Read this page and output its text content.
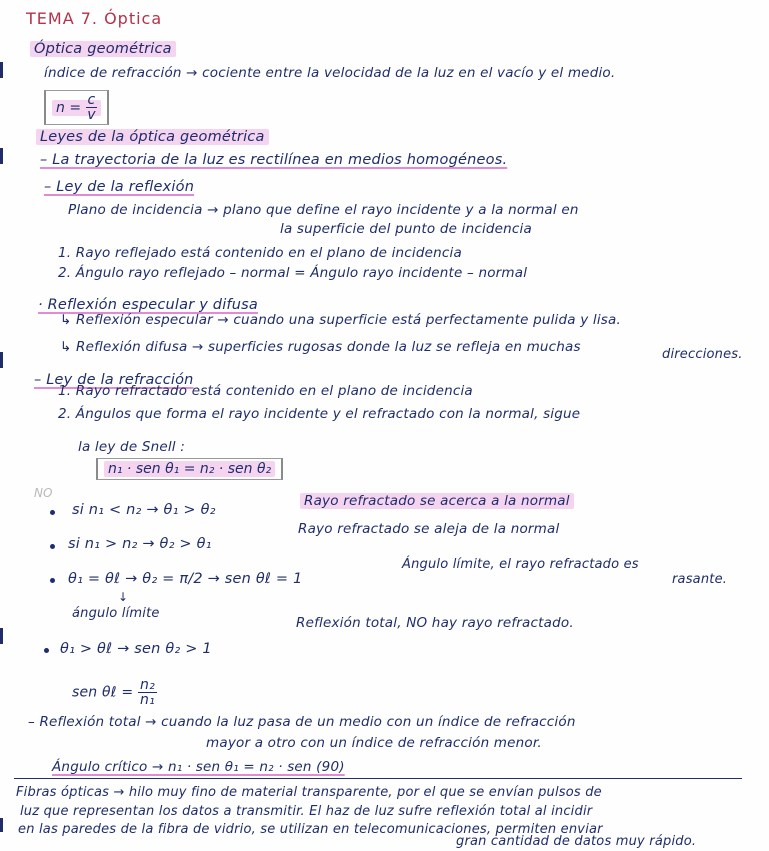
TEMA 7. Óptica
Óptica geométrica
índice de refracción → cociente entre la velocidad de la luz en el vacío y el medio.
$n = \frac{c}{v}$
Leyes de la óptica geométrica
– La trayectoria de la luz es rectilínea en medios homogéneos.
– Ley de la reflexión
Plano de incidencia → plano que define el rayo incidente y a la normal en
la superficie del punto de incidencia
1. Rayo reflejado está contenido en el plano de incidencia
2. Ángulo rayo reflejado – normal = Ángulo rayo incidente – normal
· Reflexión especular y difusa
↳ Reflexión especular → cuando una superficie está perfectamente pulida y lisa.
↳ Reflexión difusa → superficies rugosas donde la luz se refleja en muchas	direcciones.
– Ley de la refracción
1. Rayo refractado está contenido en el plano de incidencia
2. Ángulos que forma el rayo incidente y el refractado con la normal, sigue
la ley de Snell :
n₁ · sen θ₁ = n₂ · sen θ₂
NO
si n₁ < n₂ → θ₁ > θ₂
Rayo refractado se acerca a la normal
si n₁ > n₂ → θ₂ > θ₁
Rayo refractado se aleja de la normal
θ₁ = θℓ → θ₂ = π/2 → sen θℓ = 1
Ángulo límite, el rayo refractado es
rasante.
↓
ángulo límite
θ₁ > θℓ → sen θ₂ > 1
Reflexión total, NO hay rayo refractado.
sen θℓ = $\frac{\text{n₂}}{\text{n₁}}$
– Reflexión total → cuando la luz pasa de un medio con un índice de refracción
mayor a otro con un índice de refracción menor.
Ángulo crítico → n₁ · sen θ₁ = n₂ · sen (90)
Fibras ópticas → hilo muy fino de material transparente, por el que se envían pulsos de
luz que representan los datos a transmitir. El haz de luz sufre reflexión total al incidir
en las paredes de la fibra de vidrio, se utilizan en telecomunicaciones, permiten enviar
gran cantidad de datos muy rápido.
